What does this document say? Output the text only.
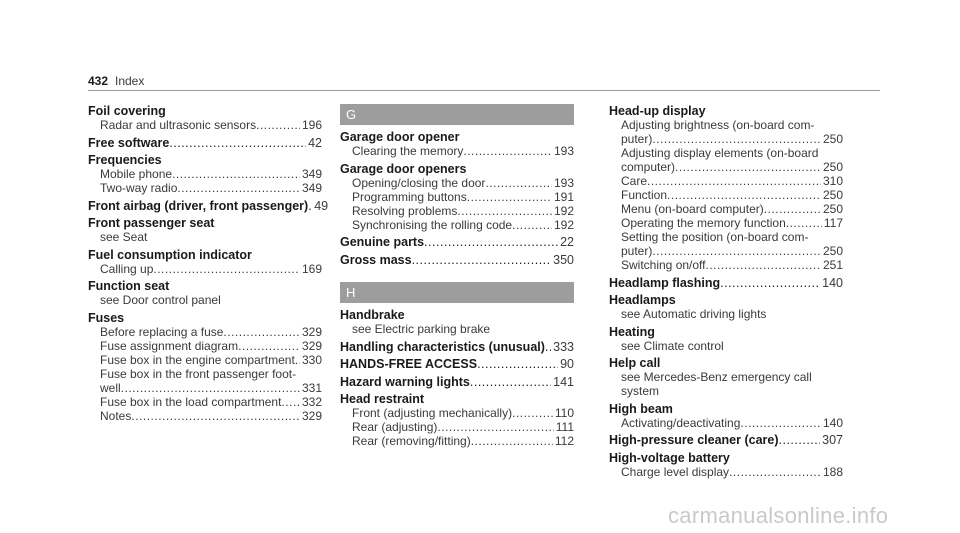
432 Index
Foil covering
Radar and ultrasonic sensors .....	196
Free software .....	42
Frequencies
Mobile phone .....	349
Two-way radio .....	349
Front airbag (driver, front passenger) ..... 49
Front passenger seat
see Seat
Fuel consumption indicator
Calling up .....	169
Function seat
see Door control panel
Fuses
Before replacing a fuse .....	329
Fuse assignment diagram .....	329
Fuse box in the engine compartment ..... 330
Fuse box in the front passenger foot-
well .....	331
Fuse box in the load compartment ..... 332
Notes .....	329
G
Garage door opener
Clearing the memory .....	193
Garage door openers
Opening/closing the door .....	193
Programming buttons .....	191
Resolving problems .....	192
Synchronising the rolling code .....	192
Genuine parts .....	22
Gross mass .....	350
H
Handbrake
see Electric parking brake
Handling characteristics (unusual) ..... 333
HANDS-FREE ACCESS .....	90
Hazard warning lights .....	141
Head restraint
Front (adjusting mechanically) .....	110
Rear (adjusting) .....	111
Rear (removing/fitting) .....	112
Head-up display
Adjusting brightness (on-board com-
puter) .....	250
Adjusting display elements (on-board
computer) .....	250
Care .....	310
Function .....	250
Menu (on-board computer) .....	250
Operating the memory function .....	117
Setting the position (on-board com-
puter) .....	250
Switching on/off .....	251
Headlamp flashing .....	140
Headlamps
see Automatic driving lights
Heating
see Climate control
Help call
see Mercedes-Benz emergency call system
High beam
Activating/deactivating .....	140
High-pressure cleaner (care) .....	307
High-voltage battery
Charge level display .....	188
carmanualsonline.info
